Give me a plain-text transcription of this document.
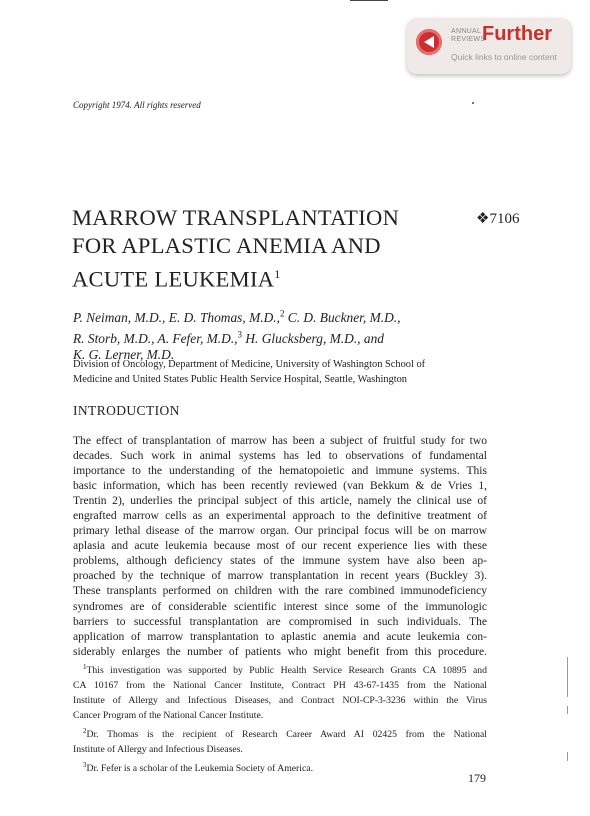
ANNUAL
REVIEWS
Further
Quick links to online content
Copyright 1974. All rights reserved
MARROW TRANSPLANTATION
FOR APLASTIC ANEMIA AND
ACUTE LEUKEMIA$^1$
❖7106
P. Neiman, M.D., E. D. Thomas, M.D.,$^2$ C. D. Buckner, M.D.,
R. Storb, M.D., A. Fefer, M.D.,$^3$ H. Glucksberg, M.D., and
K. G. Lerner, M.D.
Division of Oncology, Department of Medicine, University of Washington School of
Medicine and United States Public Health Service Hospital, Seattle, Washington
INTRODUCTION
The effect of transplantation of marrow has been a subject of fruitful study for two
decades. Such work in animal systems has led to observations of fundamental
importance to the understanding of the hematopoietic and immune systems. This
basic information, which has been recently reviewed (van Bekkum & de Vries 1,
Trentin 2), underlies the principal subject of this article, namely the clinical use of
engrafted marrow cells as an experimental approach to the definitive treatment of
primary lethal disease of the marrow organ. Our principal focus will be on marrow
aplasia and acute leukemia because most of our recent experience lies with these
problems, although deficiency states of the immune system have also been ap-
proached by the technique of marrow transplantation in recent years (Buckley 3).
These transplants performed on children with the rare combined immunodeficiency
syndromes are of considerable scientific interest since some of the immunologic
barriers to successful transplantation are compromised in such individuals. The
application of marrow transplantation to aplastic anemia and acute leukemia con-
siderably enlarges the number of patients who might benefit from this procedure.
$^1$This investigation was supported by Public Health Service Research Grants CA 10895 and
CA 10167 from the National Cancer Institute, Contract PH 43-67-1435 from the National
Institute of Allergy and Infectious Diseases, and Contract NOI-CP-3-3236 within the Virus
Cancer Program of the National Cancer Institute.
$^2$Dr. Thomas is the recipient of Research Career Award AI 02425 from the National
Institute of Allergy and Infectious Diseases.
$^3$Dr. Fefer is a scholar of the Leukemia Society of America.
179
